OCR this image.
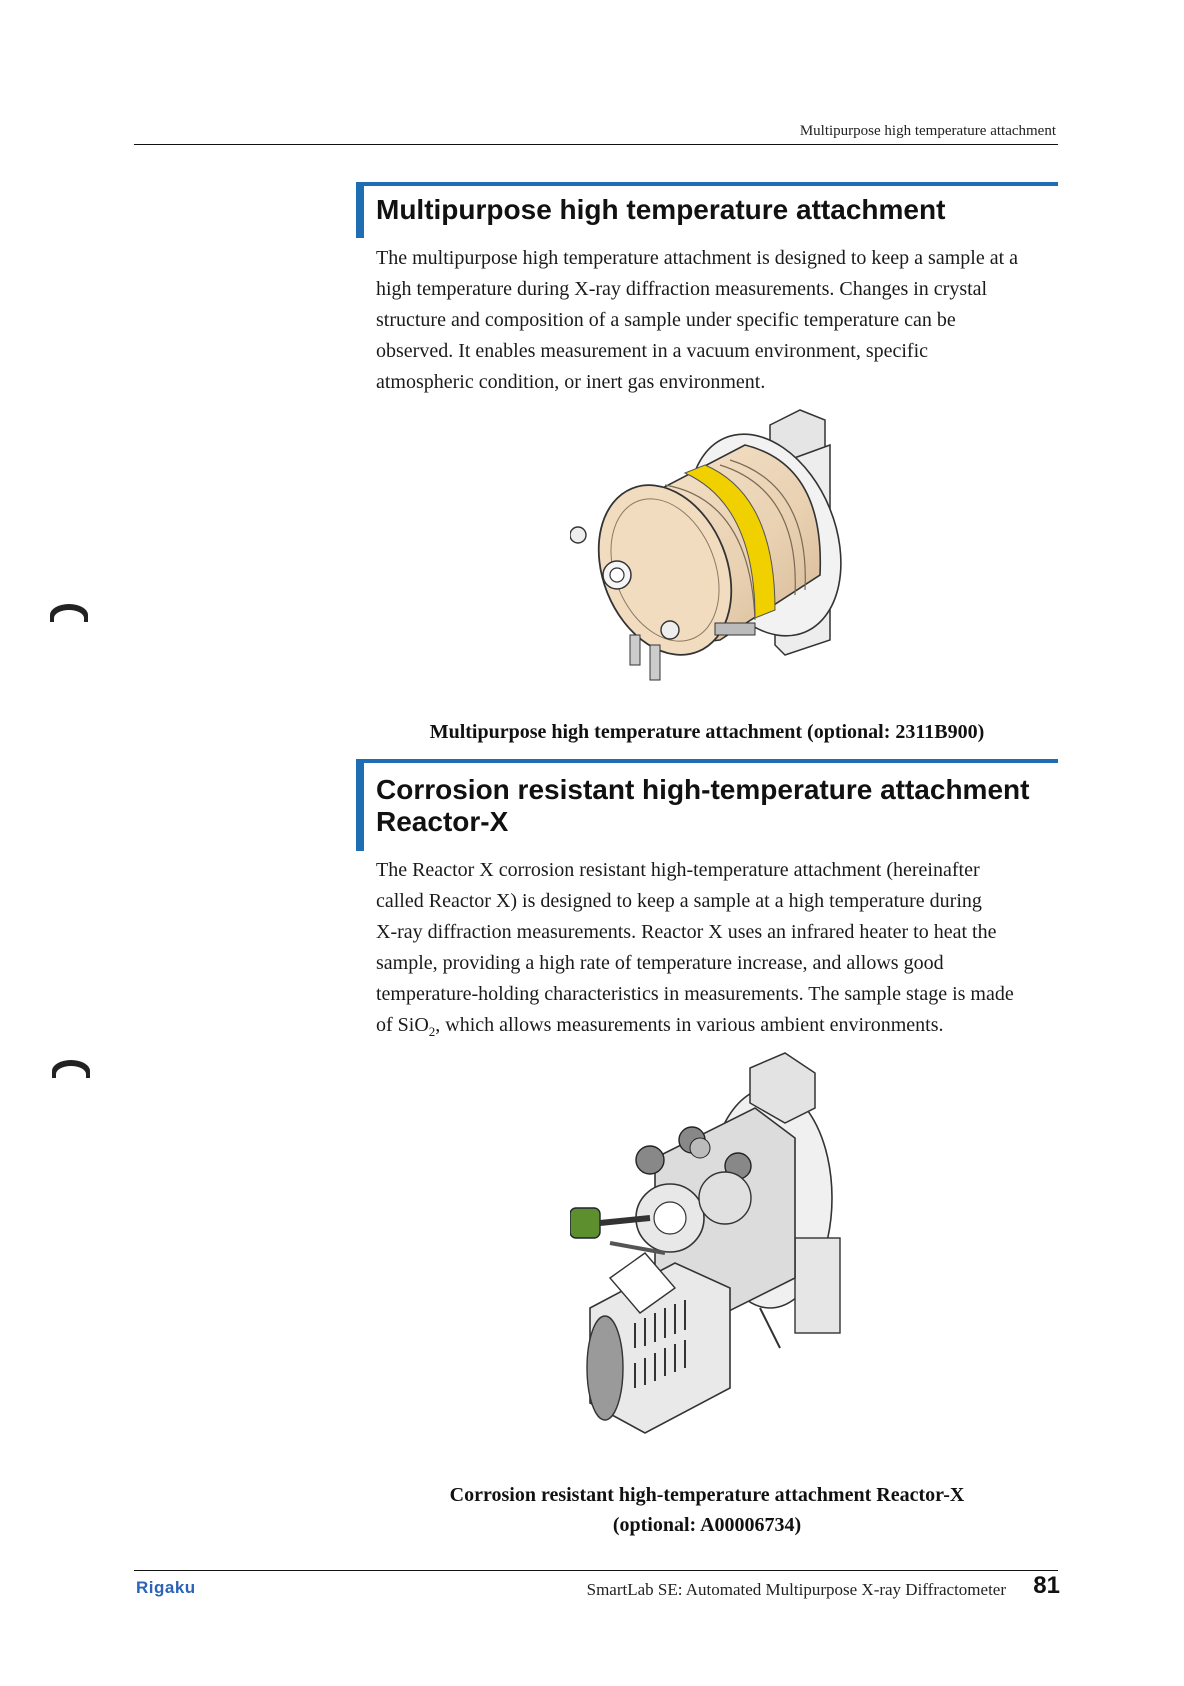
Multipurpose high temperature attachment
Multipurpose high temperature attachment
The multipurpose high temperature attachment is designed to keep a sample at a
high temperature during X-ray diffraction measurements. Changes in crystal
structure and composition of a sample under specific temperature can be
observed. It enables measurement in a vacuum environment, specific
atmospheric condition, or inert gas environment.
Multipurpose high temperature attachment (optional: 2311B900)
Corrosion resistant high-temperature attachment
Reactor-X
The Reactor X corrosion resistant high-temperature attachment (hereinafter
called Reactor X) is designed to keep a sample at a high temperature during
X-ray diffraction measurements. Reactor X uses an infrared heater to heat the
sample, providing a high rate of temperature increase, and allows good
temperature-holding characteristics in measurements. The sample stage is made
of SiO$_2$, which allows measurements in various ambient environments.
Corrosion resistant high-temperature attachment Reactor-X
(optional: A00006734)
Rigaku	SmartLab SE: Automated Multipurpose X-ray Diffractometer	81
